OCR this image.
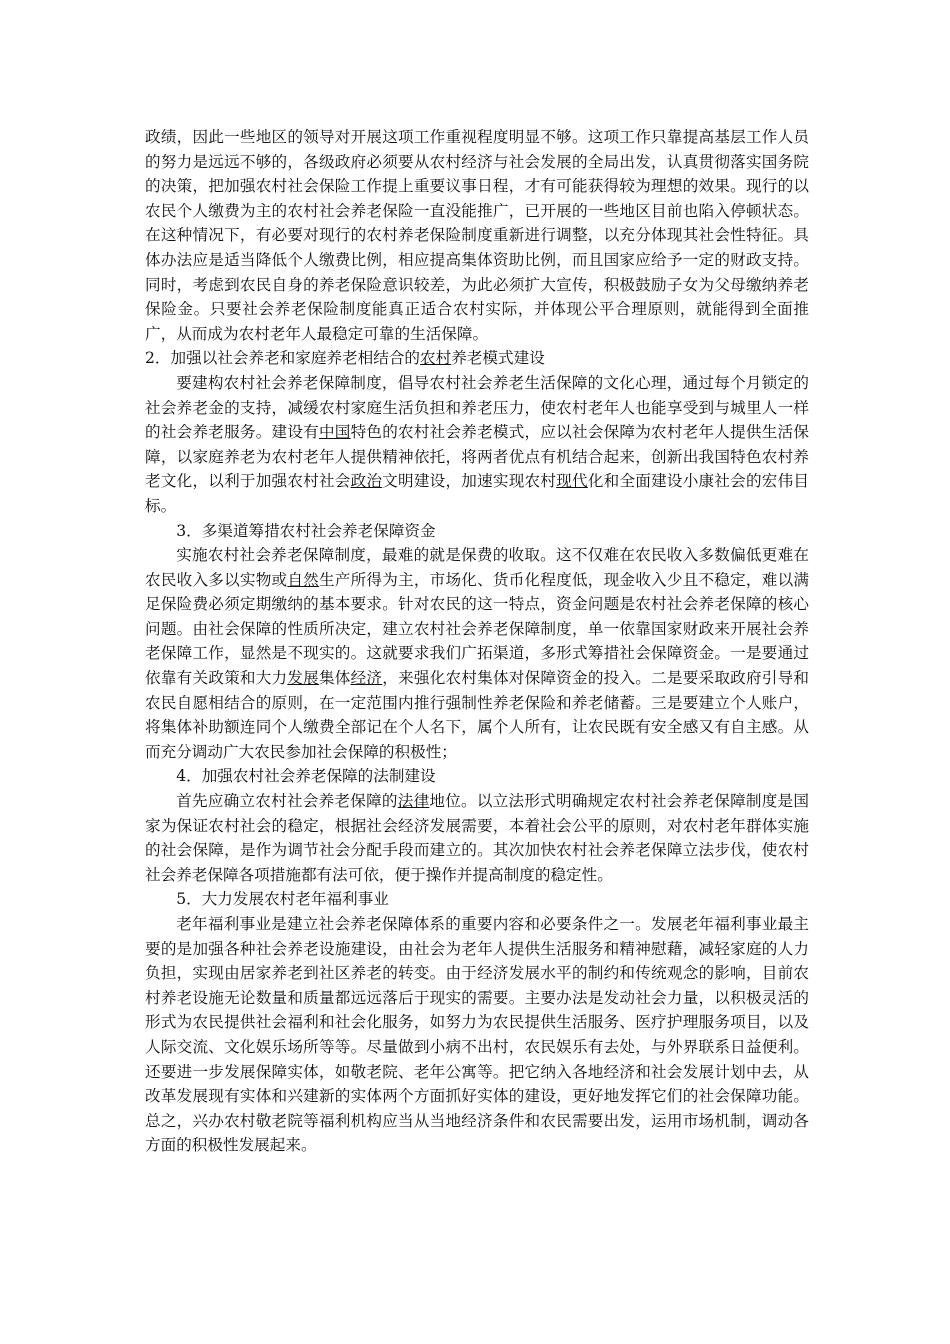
政绩，因此一些地区的领导对开展这项工作重视程度明显不够。这项工作只靠提高基层工作人员的努力是远远不够的，各级政府必须要从农村经济与社会发展的全局出发，认真贯彻落实国务院的决策，把加强农村社会保险工作提上重要议事日程，才有可能获得较为理想的效果。现行的以农民个人缴费为主的农村社会养老保险一直没能推广，已开展的一些地区目前也陷入停顿状态。在这种情况下，有必要对现行的农村养老保险制度重新进行调整，以充分体现其社会性特征。具体办法应是适当降低个人缴费比例，相应提高集体资助比例，而且国家应给予一定的财政支持。同时，考虑到农民自身的养老保险意识较差，为此必须扩大宣传，积极鼓励子女为父母缴纳养老保险金。只要社会养老保险制度能真正适合农村实际，并体现公平合理原则，就能得到全面推广，从而成为农村老年人最稳定可靠的生活保障。

2．加强以社会养老和家庭养老相结合的农村养老模式建设

要建构农村社会养老保障制度，倡导农村社会养老生活保障的文化心理，通过每个月锁定的社会养老金的支持，减缓农村家庭生活负担和养老压力，使农村老年人也能享受到与城里人一样的社会养老服务。建设有中国特色的农村社会养老模式，应以社会保障为农村老年人提供生活保障，以家庭养老为农村老年人提供精神依托，将两者优点有机结合起来，创新出我国特色农村养老文化，以利于加强农村社会政治文明建设，加速实现农村现代化和全面建设小康社会的宏伟目标。

3．多渠道筹措农村社会养老保障资金

实施农村社会养老保障制度，最难的就是保费的收取。这不仅难在农民收入多数偏低更难在农民收入多以实物或自然生产所得为主，市场化、货币化程度低，现金收入少且不稳定，难以满足保险费必须定期缴纳的基本要求。针对农民的这一特点，资金问题是农村社会养老保障的核心问题。由社会保障的性质所决定，建立农村社会养老保障制度，单一依靠国家财政来开展社会养老保障工作，显然是不现实的。这就要求我们广拓渠道，多形式筹措社会保障资金。一是要通过依靠有关政策和大力发展集体经济，来强化农村集体对保障资金的投入。二是要采取政府引导和农民自愿相结合的原则，在一定范围内推行强制性养老保险和养老储蓄。三是要建立个人账户，将集体补助额连同个人缴费全部记在个人名下，属个人所有，让农民既有安全感又有自主感。从而充分调动广大农民参加社会保障的积极性；

4．加强农村社会养老保障的法制建设

首先应确立农村社会养老保障的法律地位。以立法形式明确规定农村社会养老保障制度是国家为保证农村社会的稳定，根据社会经济发展需要，本着社会公平的原则，对农村老年群体实施的社会保障，是作为调节社会分配手段而建立的。其次加快农村社会养老保障立法步伐，使农村社会养老保障各项措施都有法可依，便于操作并提高制度的稳定性。

5．大力发展农村老年福利事业

老年福利事业是建立社会养老保障体系的重要内容和必要条件之一。发展老年福利事业最主要的是加强各种社会养老设施建设，由社会为老年人提供生活服务和精神慰藉，减轻家庭的人力负担，实现由居家养老到社区养老的转变。由于经济发展水平的制约和传统观念的影响，目前农村养老设施无论数量和质量都远远落后于现实的需要。主要办法是发动社会力量，以积极灵活的形式为农民提供社会福利和社会化服务，如努力为农民提供生活服务、医疗护理服务项目，以及人际交流、文化娱乐场所等等。尽量做到小病不出村，农民娱乐有去处，与外界联系日益便利。还要进一步发展保障实体，如敬老院、老年公寓等。把它纳入各地经济和社会发展计划中去，从改革发展现有实体和兴建新的实体两个方面抓好实体的建设，更好地发挥它们的社会保障功能。总之，兴办农村敬老院等福利机构应当从当地经济条件和农民需要出发，运用市场机制，调动各方面的积极性发展起来。
